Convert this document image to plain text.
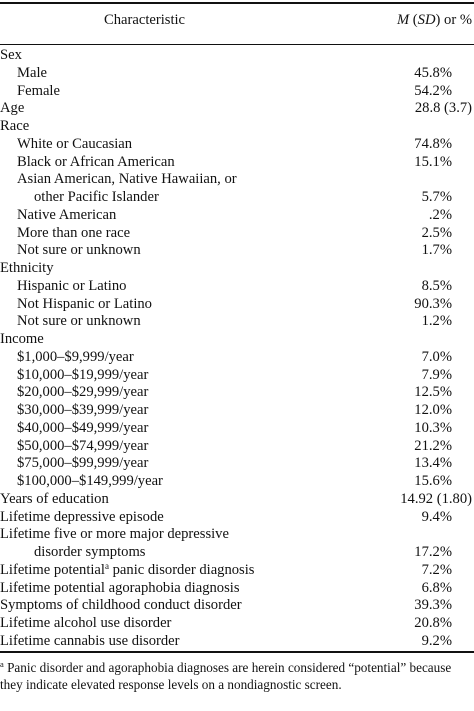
Characteristic	M (SD) or %
Sex
Male	45.8%
Female	54.2%
Age	28.8 (3.7)
Race
White or Caucasian	74.8%
Black or African American	15.1%
Asian American, Native Hawaiian, or
other Pacific Islander	5.7%
Native American	.2%
More than one race	2.5%
Not sure or unknown	1.7%
Ethnicity
Hispanic or Latino	8.5%
Not Hispanic or Latino	90.3%
Not sure or unknown	1.2%
Income
$1,000–$9,999/year	7.0%
$10,000–$19,999/year	7.9%
$20,000–$29,999/year	12.5%
$30,000–$39,999/year	12.0%
$40,000–$49,999/year	10.3%
$50,000–$74,999/year	21.2%
$75,000–$99,999/year	13.4%
$100,000–$149,999/year	15.6%
Years of education	14.92 (1.80)
Lifetime depressive episode	9.4%
Lifetime five or more major depressive
disorder symptoms	17.2%
Lifetime potential$^a$ panic disorder diagnosis	7.2%
Lifetime potential agoraphobia diagnosis	6.8%
Symptoms of childhood conduct disorder	39.3%
Lifetime alcohol use disorder	20.8%
Lifetime cannabis use disorder	9.2%
$^a$ Panic disorder and agoraphobia diagnoses are herein considered “potential” because they indicate elevated response levels on a nondiagnostic screen.
